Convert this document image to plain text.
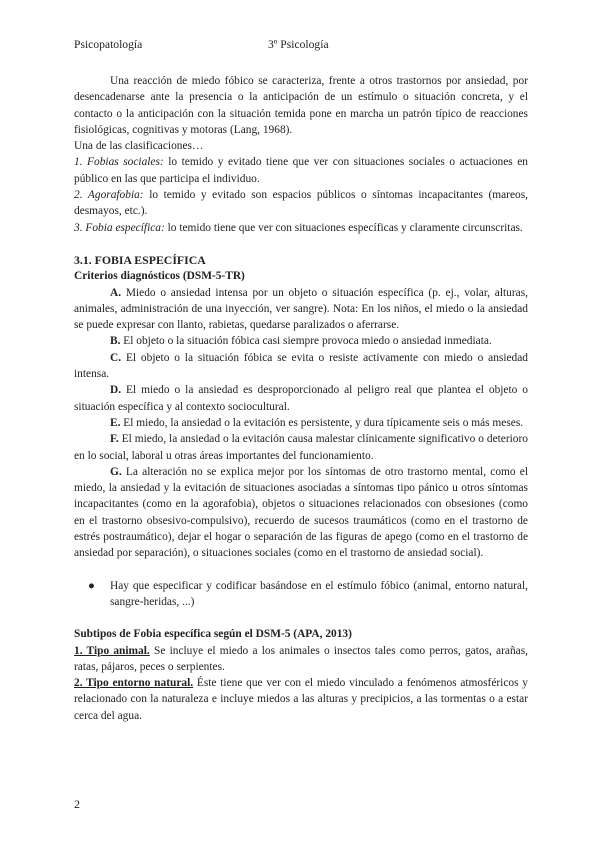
Psicopatología	3º Psicología

Una reacción de miedo fóbico se caracteriza, frente a otros trastornos por ansiedad, por desencadenarse ante la presencia o la anticipación de un estímulo o situación concreta, y el contacto o la anticipación con la situación temida pone en marcha un patrón típico de reacciones fisiológicas, cognitivas y motoras (Lang, 1968).

Una de las clasificaciones…

1. Fobias sociales: lo temido y evitado tiene que ver con situaciones sociales o actuaciones en público en las que participa el individuo.

2. Agorafobia: lo temido y evitado son espacios públicos o síntomas incapacitantes (mareos, desmayos, etc.).

3. Fobia específica: lo temido tiene que ver con situaciones específicas y claramente circunscritas.

3.1. FOBIA ESPECÍFICA

Criterios diagnósticos (DSM-5-TR)

A. Miedo o ansiedad intensa por un objeto o situación específica (p. ej., volar, alturas, animales, administración de una inyección, ver sangre). Nota: En los niños, el miedo o la ansiedad se puede expresar con llanto, rabietas, quedarse paralizados o aferrarse.

B. El objeto o la situación fóbica casi siempre provoca miedo o ansiedad inmediata.

C. El objeto o la situación fóbica se evita o resiste activamente con miedo o ansiedad intensa.

D. El miedo o la ansiedad es desproporcionado al peligro real que plantea el objeto o situación específica y al contexto sociocultural.

E. El miedo, la ansiedad o la evitación es persistente, y dura típicamente seis o más meses.

F. El miedo, la ansiedad o la evitación causa malestar clínicamente significativo o deterioro en lo social, laboral u otras áreas importantes del funcionamiento.

G. La alteración no se explica mejor por los síntomas de otro trastorno mental, como el miedo, la ansiedad y la evitación de situaciones asociadas a síntomas tipo pánico u otros síntomas incapacitantes (como en la agorafobia), objetos o situaciones relacionados con obsesiones (como en el trastorno obsesivo-compulsivo), recuerdo de sucesos traumáticos (como en el trastorno de estrés postraumático), dejar el hogar o separación de las figuras de apego (como en el trastorno de ansiedad por separación), o situaciones sociales (como en el trastorno de ansiedad social).

●	Hay que especificar y codificar basándose en el estímulo fóbico (animal, entorno natural, sangre-heridas, ...)

Subtipos de Fobia específica según el DSM-5 (APA, 2013)

1. Tipo animal. Se incluye el miedo a los animales o insectos tales como perros, gatos, arañas, ratas, pájaros, peces o serpientes.

2. Tipo entorno natural. Éste tiene que ver con el miedo vinculado a fenómenos atmosféricos y relacionado con la naturaleza e incluye miedos a las alturas y precipicios, a las tormentas o a estar cerca del agua.

2
